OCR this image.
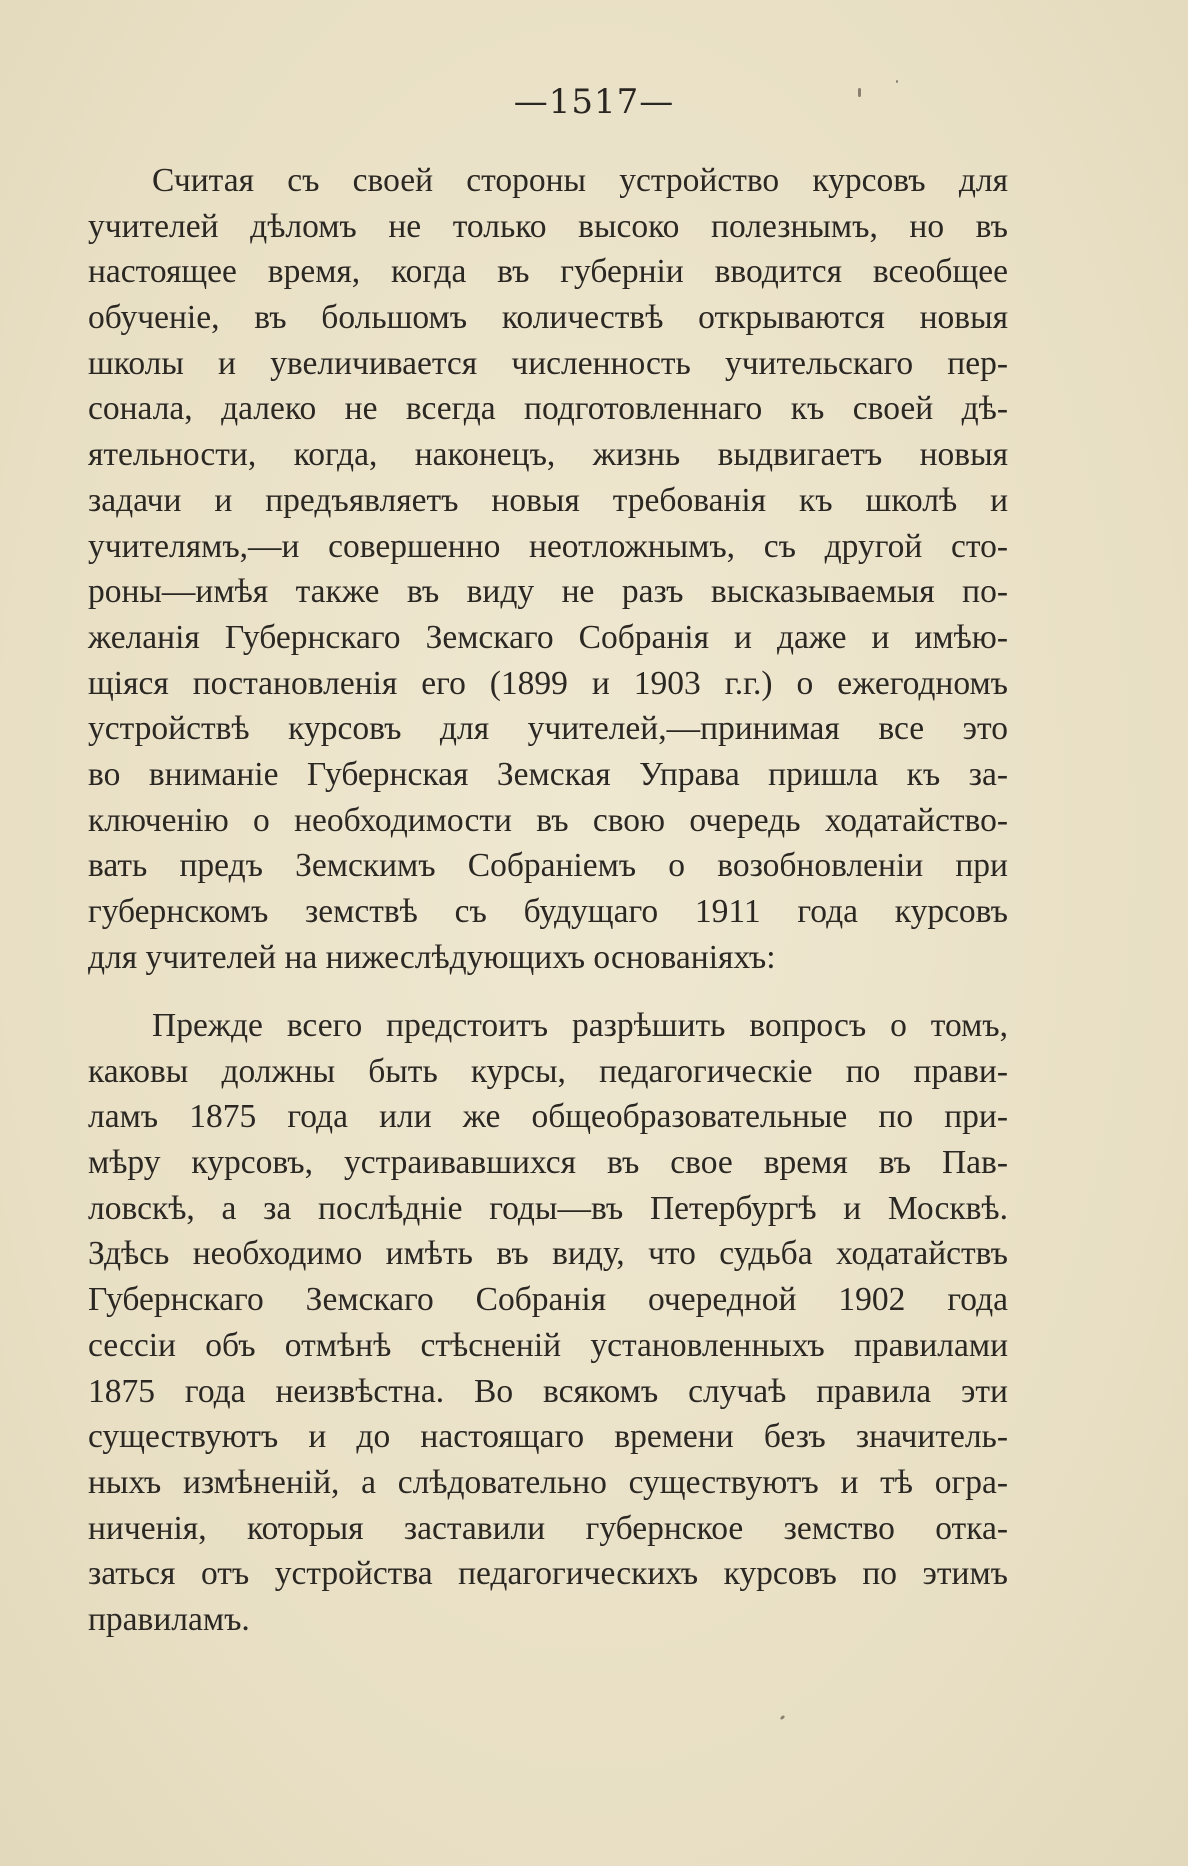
—1517—
Считая съ своей стороны устройство курсовъ для
учителей дѣломъ не только высоко полезнымъ, но въ
настоящее время, когда въ губерніи вводится всеобщее
обученіе, въ большомъ количествѣ открываются новыя
школы и увеличивается численность учительскаго пер-
сонала, далеко не всегда подготовленнаго къ своей дѣ-
ятельности, когда, наконецъ, жизнь выдвигаетъ новыя
задачи и предъявляетъ новыя требованія къ школѣ и
учителямъ,—и совершенно неотложнымъ, съ другой сто-
роны—имѣя также въ виду не разъ высказываемыя по-
желанія Губернскаго Земскаго Собранія и даже и имѣю-
щіяся постановленія его (1899 и 1903 г.г.) о ежегодномъ
устройствѣ курсовъ для учителей,—принимая все это
во вниманіе Губернская Земская Управа пришла къ за-
ключенію о необходимости въ свою очередь ходатайство-
вать предъ Земскимъ Собраніемъ о возобновленіи при
губернскомъ земствѣ съ будущаго 1911 года курсовъ
для учителей на нижеслѣдующихъ основаніяхъ:
Прежде всего предстоитъ разрѣшить вопросъ о томъ,
каковы должны быть курсы, педагогическіе по прави-
ламъ 1875 года или же общеобразовательные по при-
мѣру курсовъ, устраивавшихся въ свое время въ Пав-
ловскѣ, а за послѣдніе годы—въ Петербургѣ и Москвѣ.
Здѣсь необходимо имѣть въ виду, что судьба ходатайствъ
Губернскаго Земскаго Собранія очередной 1902 года
сессіи объ отмѣнѣ стѣсненій установленныхъ правилами
1875 года неизвѣстна. Во всякомъ случаѣ правила эти
существуютъ и до настоящаго времени безъ значитель-
ныхъ измѣненій, а слѣдовательно существуютъ и тѣ огра-
ниченія, которыя заставили губернское земство отка-
заться отъ устройства педагогическихъ курсовъ по этимъ
правиламъ.
